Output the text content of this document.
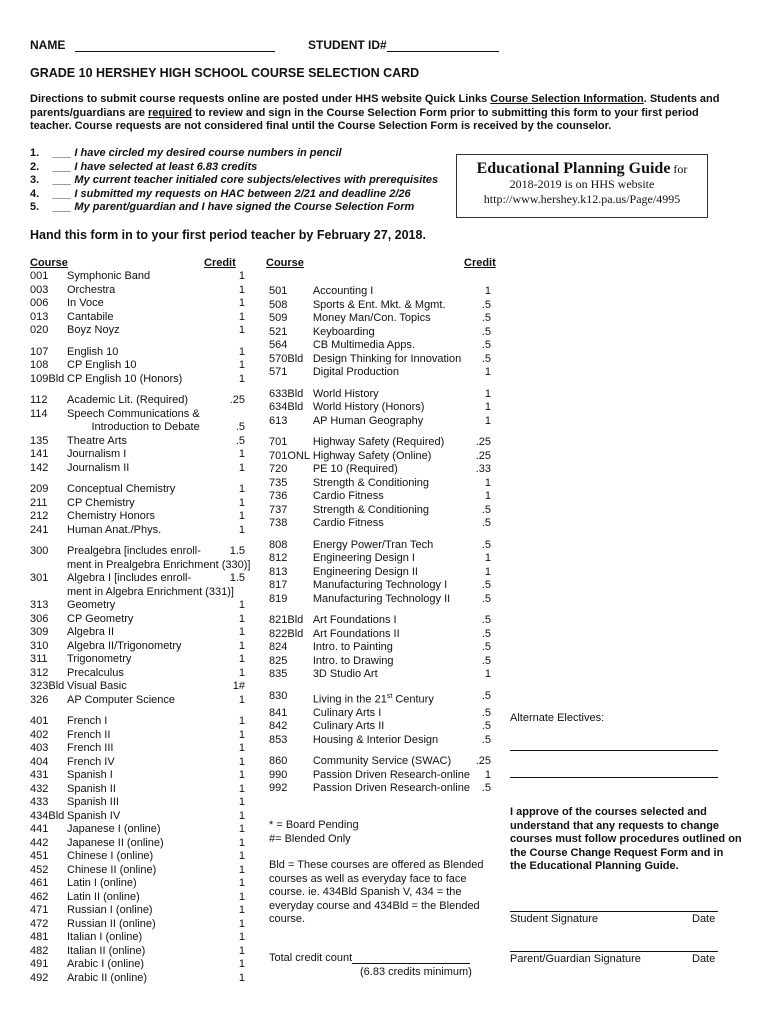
NAME	STUDENT ID#
GRADE 10 HERSHEY HIGH SCHOOL COURSE SELECTION CARD
Directions to submit course requests online are posted under HHS website Quick Links Course Selection Information. Students and parents/guardians are required to review and sign in the Course Selection Form prior to submitting this form to your first period teacher. Course requests are not considered final until the Course Selection Form is received by the counselor.
1.	___ I have circled my desired course numbers in pencil
2.	___ I have selected at least 6.83 credits
3.	___ My current teacher initialed core subjects/electives with prerequisites
4.	___ I submitted my requests on HAC between 2/21 and deadline 2/26
5.	___ My parent/guardian and I have signed the Course Selection Form
Educational Planning Guide for
2018-2019 is on HHS website
http://www.hershey.k12.pa.us/Page/4995
Hand this form in to your first period teacher by February 27, 2018.
Course	Credit
001	Symphonic Band	1
003	Orchestra	1
006	In Voce	1
013	Cantabile	1
020	Boyz Noyz	1
107	English 10	1
108	CP English 10	1
109Bld CP English 10 (Honors)	1
112	Academic Lit. (Required)	.25
114	Speech Communications &
Introduction to Debate	.5
135	Theatre Arts	.5
141	Journalism I	1
142	Journalism II	1
209	Conceptual Chemistry	1
211	CP Chemistry	1
212	Chemistry Honors	1
241	Human Anat./Phys.	1
300	Prealgebra [includes enroll-	1.5
ment in Prealgebra Enrichment (330)]
301	Algebra I [includes enroll-	1.5
ment in Algebra Enrichment (331)]
313	Geometry	1
306	CP Geometry	1
309	Algebra II	1
310	Algebra II/Trigonometry	1
311	Trigonometry	1
312	Precalculus	1
323Bld Visual Basic	1#
326	AP Computer Science	1
401	French I	1
402	French II	1
403	French III	1
404	French IV	1
431	Spanish I	1
432	Spanish II	1
433	Spanish III	1
434Bld Spanish IV	1
441	Japanese I (online)	1
442	Japanese II (online)	1
451	Chinese I (online)	1
452	Chinese II (online)	1
461	Latin I (online)	1
462	Latin II (online)	1
471	Russian I (online)	1
472	Russian II (online)	1
481	Italian I (online)	1
482	Italian II (online)	1
491	Arabic I (online)	1
492	Arabic II (online)	1
Course	Credit
501	Accounting I	1
508	Sports & Ent. Mkt. & Mgmt.	.5
509	Money Man/Con. Topics	.5
521	Keyboarding	.5
564	CB Multimedia Apps.	.5
570Bld Design Thinking for Innovation	.5
571	Digital Production	1
633Bld World History	1
634Bld World History (Honors)	1
613	AP Human Geography	1
701	Highway Safety (Required)	.25
701ONL Highway Safety (Online)	.25
720	PE 10 (Required)	.33
735	Strength & Conditioning	1
736	Cardio Fitness	1
737	Strength & Conditioning	.5
738	Cardio Fitness	.5
808	Energy Power/Tran Tech	.5
812	Engineering Design I	1
813	Engineering Design II	1
817	Manufacturing Technology I	.5
819	Manufacturing Technology II	.5
821Bld Art Foundations I	.5
822Bld Art Foundations II	.5
824	Intro. to Painting	.5
825	Intro. to Drawing	.5
835	3D Studio Art	1
830	Living in the 21st Century	.5
841	Culinary Arts I	.5
842	Culinary Arts II	.5
853	Housing & Interior Design	.5
860	Community Service (SWAC)	.25
990	Passion Driven Research-online	1
992	Passion Driven Research-online	.5
* = Board Pending
#= Blended Only
Bld = These courses are offered as Blended courses as well as everyday face to face course. ie. 434Bld Spanish V, 434 = the everyday course and 434Bld = the Blended course.
Total credit count
(6.83 credits minimum)
Alternate Electives:
I approve of the courses selected and understand that any requests to change courses must follow procedures outlined on the Course Change Request Form and in the Educational Planning Guide.
Student Signature	Date
Parent/Guardian Signature	Date
